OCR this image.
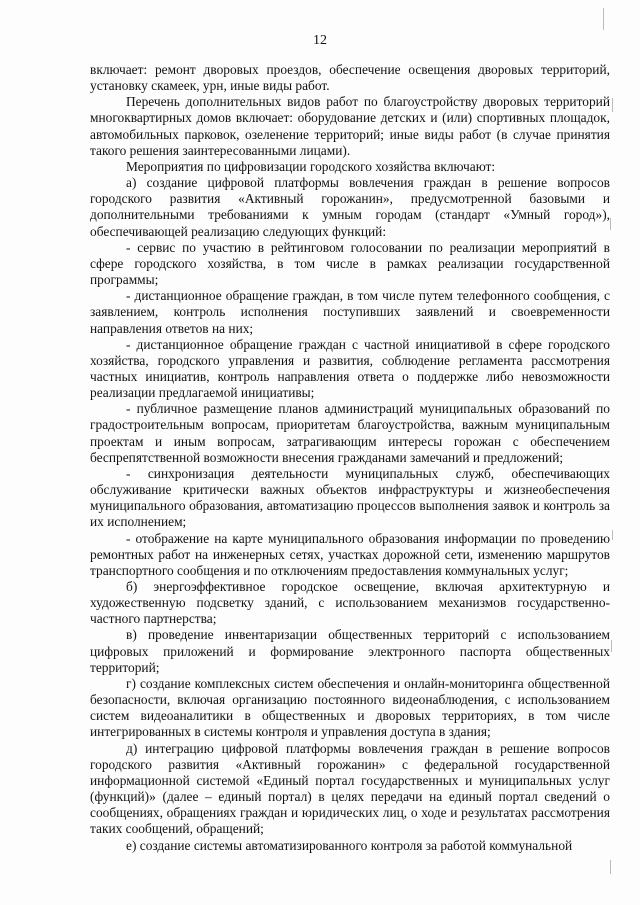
12

включает: ремонт дворовых проездов, обеспечение освещения дворовых территорий, установку скамеек, урн, иные виды работ.

Перечень дополнительных видов работ по благоустройству дворовых территорий многоквартирных домов включает: оборудование детских и (или) спортивных площадок, автомобильных парковок, озеленение территорий; иные виды работ (в случае принятия такого решения заинтересованными лицами).

Мероприятия по цифровизации городского хозяйства включают:

а) создание цифровой платформы вовлечения граждан в решение вопросов городского развития «Активный горожанин», предусмотренной базовыми и дополнительными требованиями к умным городам (стандарт «Умный город»), обеспечивающей реализацию следующих функций:

- сервис по участию в рейтинговом голосовании по реализации мероприятий в сфере городского хозяйства, в том числе в рамках реализации государственной программы;

- дистанционное обращение граждан, в том числе путем телефонного сообщения, с заявлением, контроль исполнения поступивших заявлений и своевременности направления ответов на них;

- дистанционное обращение граждан с частной инициативой в сфере городского хозяйства, городского управления и развития, соблюдение регламента рассмотрения частных инициатив, контроль направления ответа о поддержке либо невозможности реализации предлагаемой инициативы;

- публичное размещение планов администраций муниципальных образований по градостроительным вопросам, приоритетам благоустройства, важным муниципальным проектам и иным вопросам, затрагивающим интересы горожан с обеспечением беспрепятственной возможности внесения гражданами замечаний и предложений;

- синхронизация деятельности муниципальных служб, обеспечивающих обслуживание критически важных объектов инфраструктуры и жизнеобеспечения муниципального образования, автоматизацию процессов выполнения заявок и контроль за их исполнением;

- отображение на карте муниципального образования информации по проведению ремонтных работ на инженерных сетях, участках дорожной сети, изменению маршрутов транспортного сообщения и по отключениям предоставления коммунальных услуг;

б) энергоэффективное городское освещение, включая архитектурную и художественную подсветку зданий, с использованием механизмов государственно-частного партнерства;

в) проведение инвентаризации общественных территорий с использованием цифровых приложений и формирование электронного паспорта общественных территорий;

г) создание комплексных систем обеспечения и онлайн-мониторинга общественной безопасности, включая организацию постоянного видеонаблюдения, с использованием систем видеоаналитики в общественных и дворовых территориях, в том числе интегрированных в системы контроля и управления доступа в здания;

д) интеграцию цифровой платформы вовлечения граждан в решение вопросов городского развития «Активный горожанин» с федеральной государственной информационной системой «Единый портал государственных и муниципальных услуг (функций)» (далее – единый портал) в целях передачи на единый портал сведений о сообщениях, обращениях граждан и юридических лиц, о ходе и результатах рассмотрения таких сообщений, обращений;

е) создание системы автоматизированного контроля за работой коммунальной
